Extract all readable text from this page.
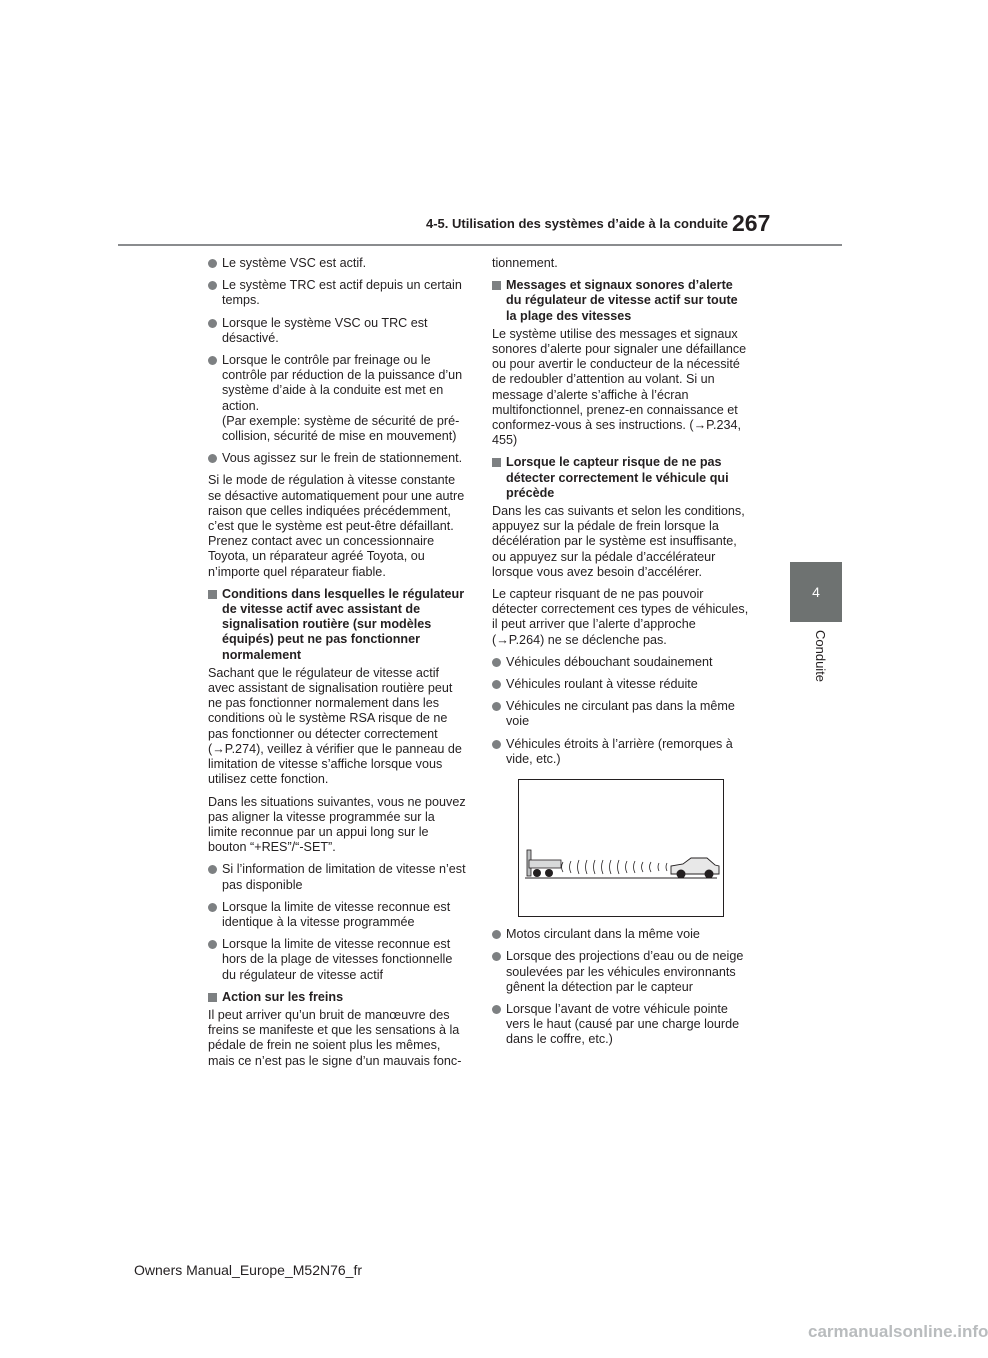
4-5. Utilisation des systèmes d’aide à la conduite 267
4
Conduite
Le système VSC est actif.
Le système TRC est actif depuis un certain temps.
Lorsque le système VSC ou TRC est désactivé.
Lorsque le contrôle par freinage ou le contrôle par réduction de la puissance d’un système d’aide à la conduite est met en action.
(Par exemple: système de sécurité de pré-collision, sécurité de mise en mouvement)
Vous agissez sur le frein de stationnement.

Si le mode de régulation à vitesse constante se désactive automatiquement pour une autre raison que celles indiquées précédemment, c’est que le système est peut-être défaillant. Prenez contact avec un concessionnaire Toyota, un réparateur agréé Toyota, ou n’importe quel réparateur fiable.

Conditions dans lesquelles le régulateur de vitesse actif avec assistant de signalisation routière (sur modèles équipés) peut ne pas fonctionner normalement

Sachant que le régulateur de vitesse actif avec assistant de signalisation routière peut ne pas fonctionner normalement dans les conditions où le système RSA risque de ne pas fonctionner ou détecter correctement (→P.274), veillez à vérifier que le panneau de limitation de vitesse s’affiche lorsque vous utilisez cette fonction.

Dans les situations suivantes, vous ne pouvez pas aligner la vitesse programmée sur la limite reconnue par un appui long sur le bouton “+RES”/“-SET”.

Si l’information de limitation de vitesse n’est pas disponible
Lorsque la limite de vitesse reconnue est identique à la vitesse programmée
Lorsque la limite de vitesse reconnue est hors de la plage de vitesses fonctionnelle du régulateur de vitesse actif
Action sur les freins

Il peut arriver qu’un bruit de manœuvre des freins se manifeste et que les sensations à la pédale de frein ne soient plus les mêmes, mais ce n’est pas le signe d’un mauvais fonc-

tionnement.

Messages et signaux sonores d’alerte du régulateur de vitesse actif sur toute la plage des vitesses

Le système utilise des messages et signaux sonores d’alerte pour signaler une défaillance ou pour avertir le conducteur de la nécessité de redoubler d’attention au volant. Si un message d’alerte s’affiche à l’écran multifonctionnel, prenez-en connaissance et conformez-vous à ses instructions. (→P.234, 455)

Lorsque le capteur risque de ne pas détecter correctement le véhicule qui précède

Dans les cas suivants et selon les conditions, appuyez sur la pédale de frein lorsque la décélération par le système est insuffisante, ou appuyez sur la pédale d’accélérateur lorsque vous avez besoin d’accélérer.

Le capteur risquant de ne pas pouvoir détecter correctement ces types de véhicules, il peut arriver que l’alerte d’approche (→P.264) ne se déclenche pas.

Véhicules débouchant soudainement
Véhicules roulant à vitesse réduite
Véhicules ne circulant pas dans la même voie
Véhicules étroits à l’arrière (remorques à vide, etc.)
Motos circulant dans la même voie
Lorsque des projections d’eau ou de neige soulevées par les véhicules environnants gênent la détection par le capteur
Lorsque l’avant de votre véhicule pointe vers le haut (causé par une charge lourde dans le coffre, etc.)
Owners Manual_Europe_M52N76_fr
carmanualsonline.info
